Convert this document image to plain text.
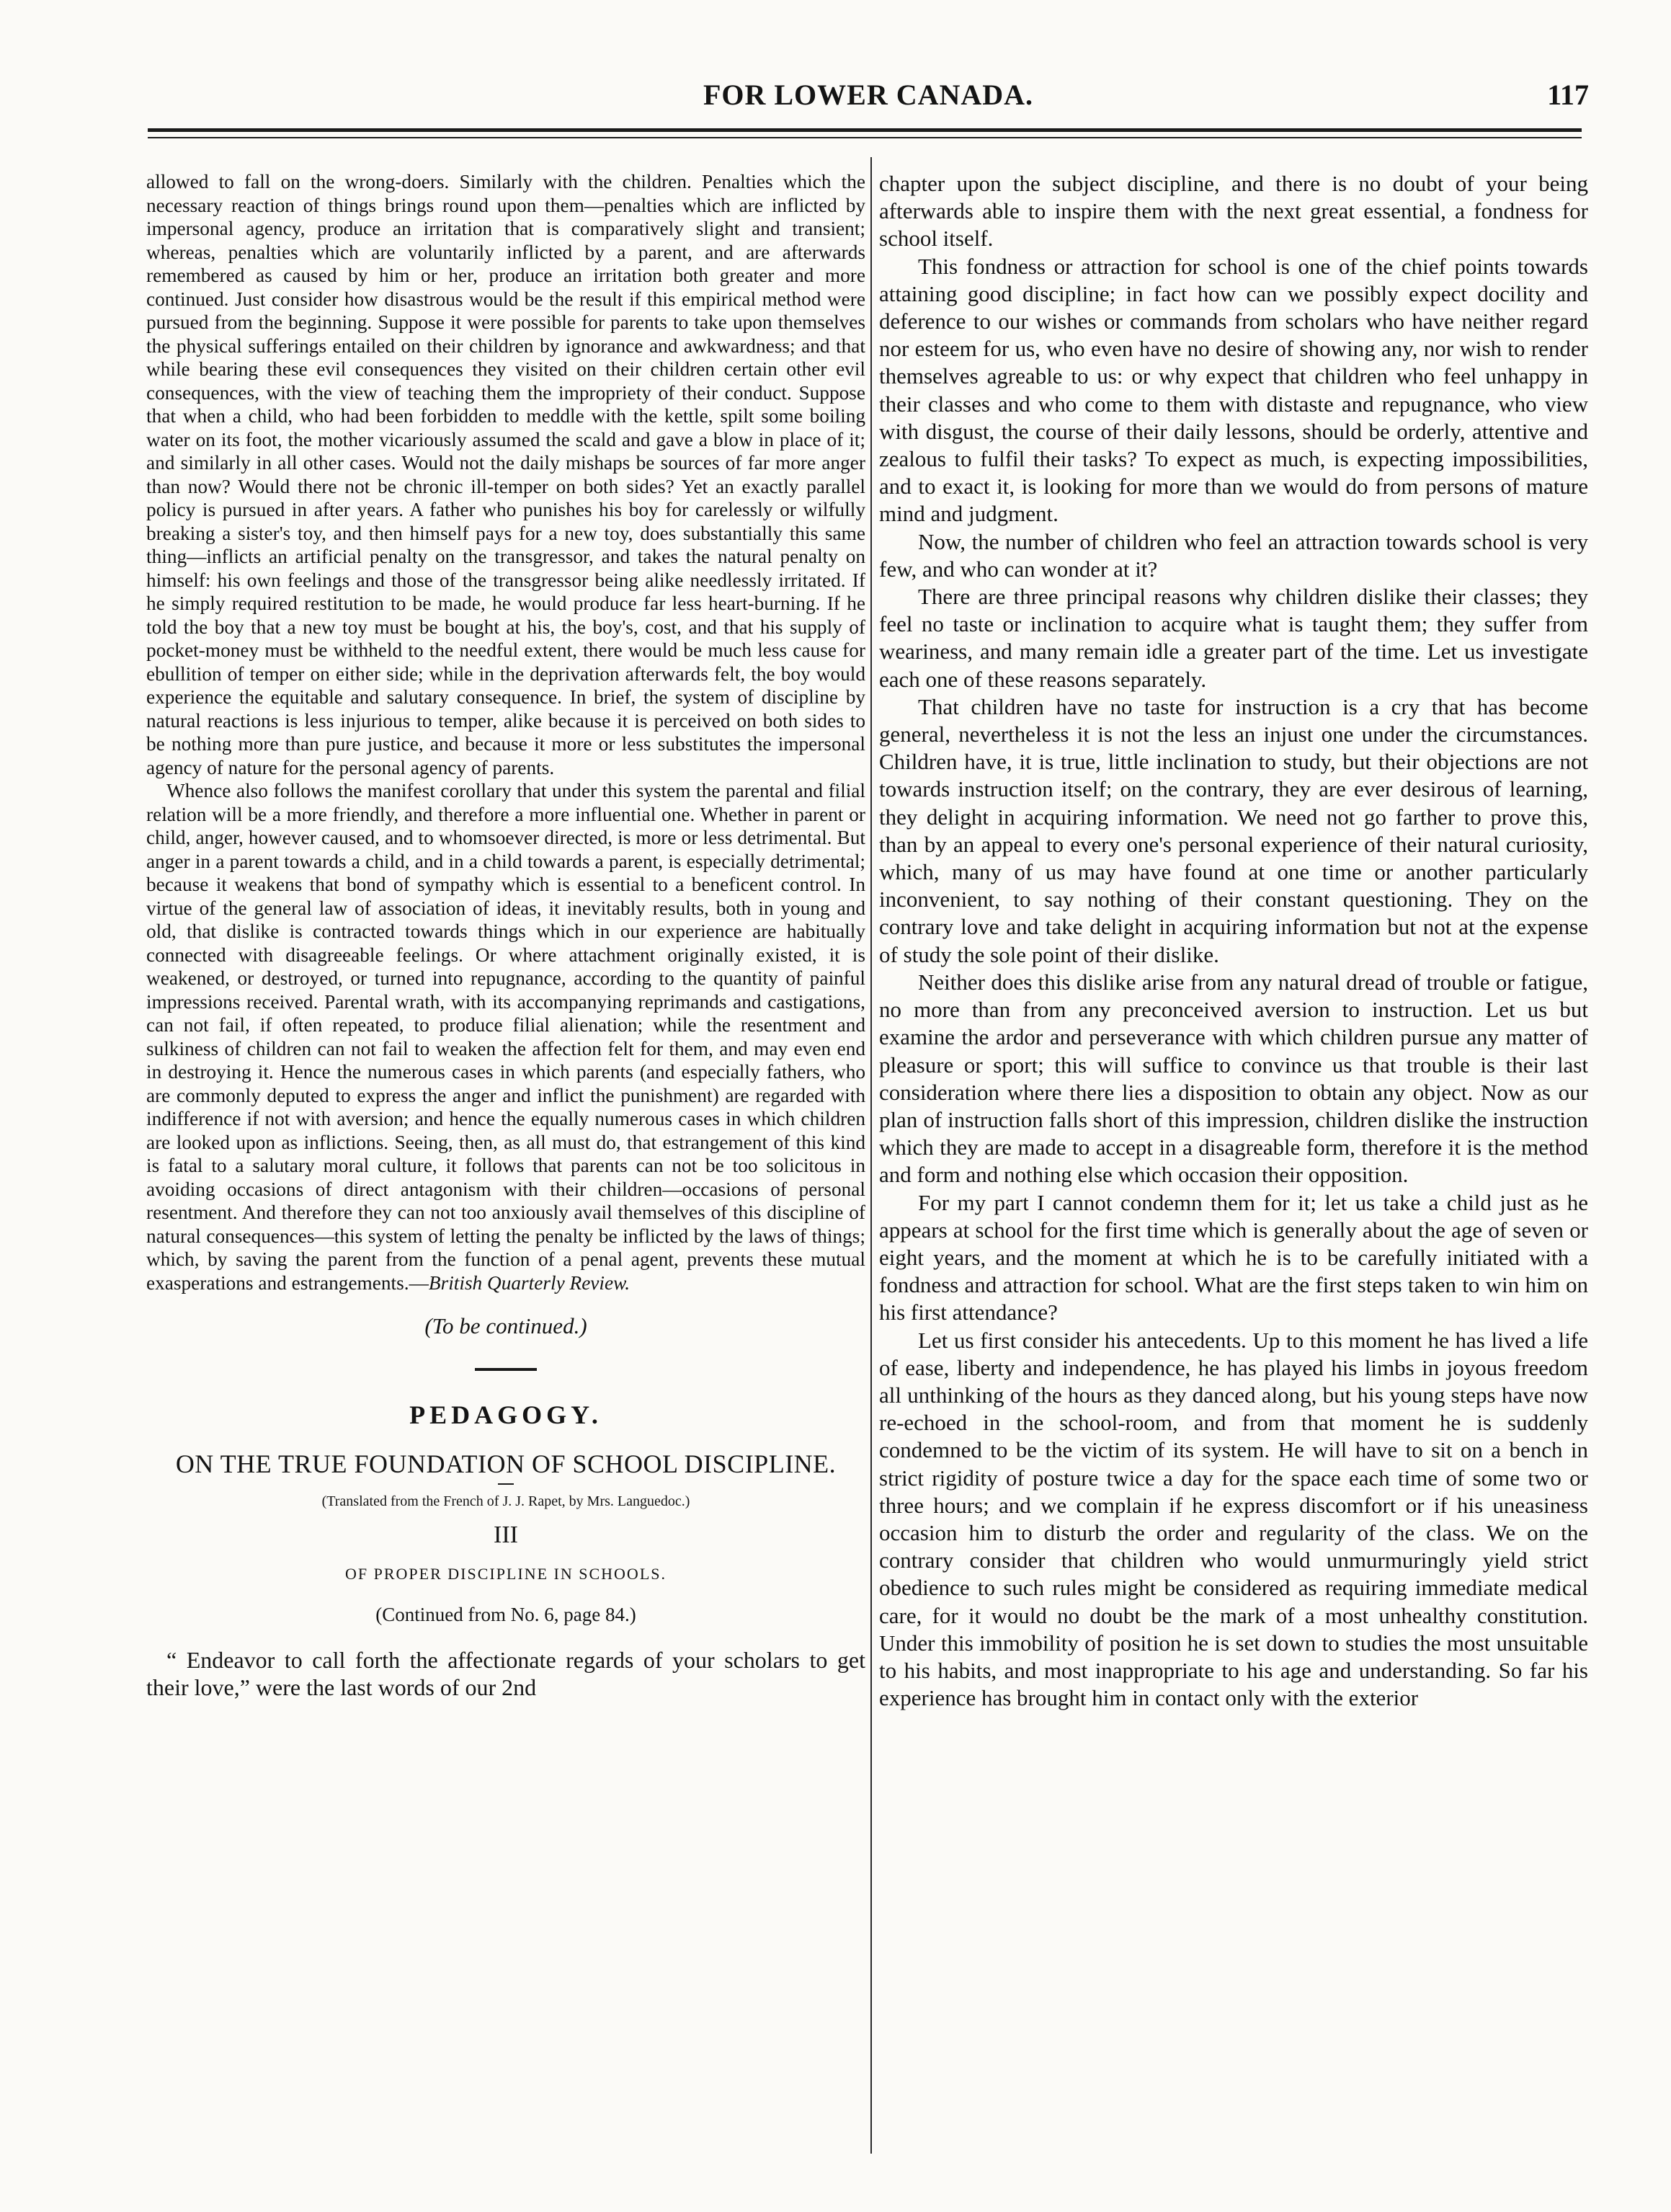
FOR LOWER CANADA.	117

allowed to fall on the wrong-doers. Similarly with the children. Penalties which the necessary reaction of things brings round upon them—penalties which are inflicted by impersonal agency, produce an irritation that is comparatively slight and transient; whereas, penalties which are voluntarily inflicted by a parent, and are afterwards remembered as caused by him or her, produce an irritation both greater and more continued. Just consider how disastrous would be the result if this empirical method were pursued from the beginning. Suppose it were possible for parents to take upon themselves the physical sufferings entailed on their children by ignorance and awkwardness; and that while bearing these evil consequences they visited on their children certain other evil consequences, with the view of teaching them the impropriety of their conduct. Suppose that when a child, who had been forbidden to meddle with the kettle, spilt some boiling water on its foot, the mother vicariously assumed the scald and gave a blow in place of it; and similarly in all other cases. Would not the daily mishaps be sources of far more anger than now? Would there not be chronic ill-temper on both sides? Yet an exactly parallel policy is pursued in after years. A father who punishes his boy for carelessly or wilfully breaking a sister's toy, and then himself pays for a new toy, does substantially this same thing—inflicts an artificial penalty on the transgressor, and takes the natural penalty on himself: his own feelings and those of the transgressor being alike needlessly irritated. If he simply required restitution to be made, he would produce far less heart-burning. If he told the boy that a new toy must be bought at his, the boy's, cost, and that his supply of pocket-money must be withheld to the needful extent, there would be much less cause for ebullition of temper on either side; while in the deprivation afterwards felt, the boy would experience the equitable and salutary consequence. In brief, the system of discipline by natural reactions is less injurious to temper, alike because it is perceived on both sides to be nothing more than pure justice, and because it more or less substitutes the impersonal agency of nature for the personal agency of parents.

Whence also follows the manifest corollary that under this system the parental and filial relation will be a more friendly, and therefore a more influential one. Whether in parent or child, anger, however caused, and to whomsoever directed, is more or less detrimental. But anger in a parent towards a child, and in a child towards a parent, is especially detrimental; because it weakens that bond of sympathy which is essential to a beneficent control. In virtue of the general law of association of ideas, it inevitably results, both in young and old, that dislike is contracted towards things which in our experience are habitually connected with disagreeable feelings. Or where attachment originally existed, it is weakened, or destroyed, or turned into repugnance, according to the quantity of painful impressions received. Parental wrath, with its accompanying reprimands and castigations, can not fail, if often repeated, to produce filial alienation; while the resentment and sulkiness of children can not fail to weaken the affection felt for them, and may even end in destroying it. Hence the numerous cases in which parents (and especially fathers, who are commonly deputed to express the anger and inflict the punishment) are regarded with indifference if not with aversion; and hence the equally numerous cases in which children are looked upon as inflictions. Seeing, then, as all must do, that estrangement of this kind is fatal to a salutary moral culture, it follows that parents can not be too solicitous in avoiding occasions of direct antagonism with their children—occasions of personal resentment. And therefore they can not too anxiously avail themselves of this discipline of natural consequences—this system of letting the penalty be inflicted by the laws of things; which, by saving the parent from the function of a penal agent, prevents these mutual exasperations and estrangements.—British Quarterly Review.

(To be continued.)
PEDAGOGY.
ON THE TRUE FOUNDATION OF SCHOOL DISCIPLINE.
(Translated from the French of J. J. Rapet, by Mrs. Languedoc.)
III
OF PROPER DISCIPLINE IN SCHOOLS.
(Continued from No. 6, page 84.)

“ Endeavor to call forth the affectionate regards of your scholars to get their love,” were the last words of our 2nd

chapter upon the subject discipline, and there is no doubt of your being afterwards able to inspire them with the next great essential, a fondness for school itself.

This fondness or attraction for school is one of the chief points towards attaining good discipline; in fact how can we possibly expect docility and deference to our wishes or commands from scholars who have neither regard nor esteem for us, who even have no desire of showing any, nor wish to render themselves agreable to us: or why expect that children who feel unhappy in their classes and who come to them with distaste and repugnance, who view with disgust, the course of their daily lessons, should be orderly, attentive and zealous to fulfil their tasks? To expect as much, is expecting impossibilities, and to exact it, is looking for more than we would do from persons of mature mind and judgment.

Now, the number of children who feel an attraction towards school is very few, and who can wonder at it?

There are three principal reasons why children dislike their classes; they feel no taste or inclination to acquire what is taught them; they suffer from weariness, and many remain idle a greater part of the time. Let us investigate each one of these reasons separately.

That children have no taste for instruction is a cry that has become general, nevertheless it is not the less an injust one under the circumstances. Children have, it is true, little inclination to study, but their objections are not towards instruction itself; on the contrary, they are ever desirous of learning, they delight in acquiring information. We need not go farther to prove this, than by an appeal to every one's personal experience of their natural curiosity, which, many of us may have found at one time or another particularly inconvenient, to say nothing of their constant questioning. They on the contrary love and take delight in acquiring information but not at the expense of study the sole point of their dislike.

Neither does this dislike arise from any natural dread of trouble or fatigue, no more than from any preconceived aversion to instruction. Let us but examine the ardor and perseverance with which children pursue any matter of pleasure or sport; this will suffice to convince us that trouble is their last consideration where there lies a disposition to obtain any object. Now as our plan of instruction falls short of this impression, children dislike the instruction which they are made to accept in a disagreable form, therefore it is the method and form and nothing else which occasion their opposition.

For my part I cannot condemn them for it; let us take a child just as he appears at school for the first time which is generally about the age of seven or eight years, and the moment at which he is to be carefully initiated with a fondness and attraction for school. What are the first steps taken to win him on his first attendance?

Let us first consider his antecedents. Up to this moment he has lived a life of ease, liberty and independence, he has played his limbs in joyous freedom all unthinking of the hours as they danced along, but his young steps have now re-echoed in the school-room, and from that moment he is suddenly condemned to be the victim of its system. He will have to sit on a bench in strict rigidity of posture twice a day for the space each time of some two or three hours; and we complain if he express discomfort or if his uneasiness occasion him to disturb the order and regularity of the class. We on the contrary consider that children who would unmurmuringly yield strict obedience to such rules might be considered as requiring immediate medical care, for it would no doubt be the mark of a most unhealthy constitution. Under this immobility of position he is set down to studies the most unsuitable to his habits, and most inappropriate to his age and understanding. So far his experience has brought him in contact only with the exterior
